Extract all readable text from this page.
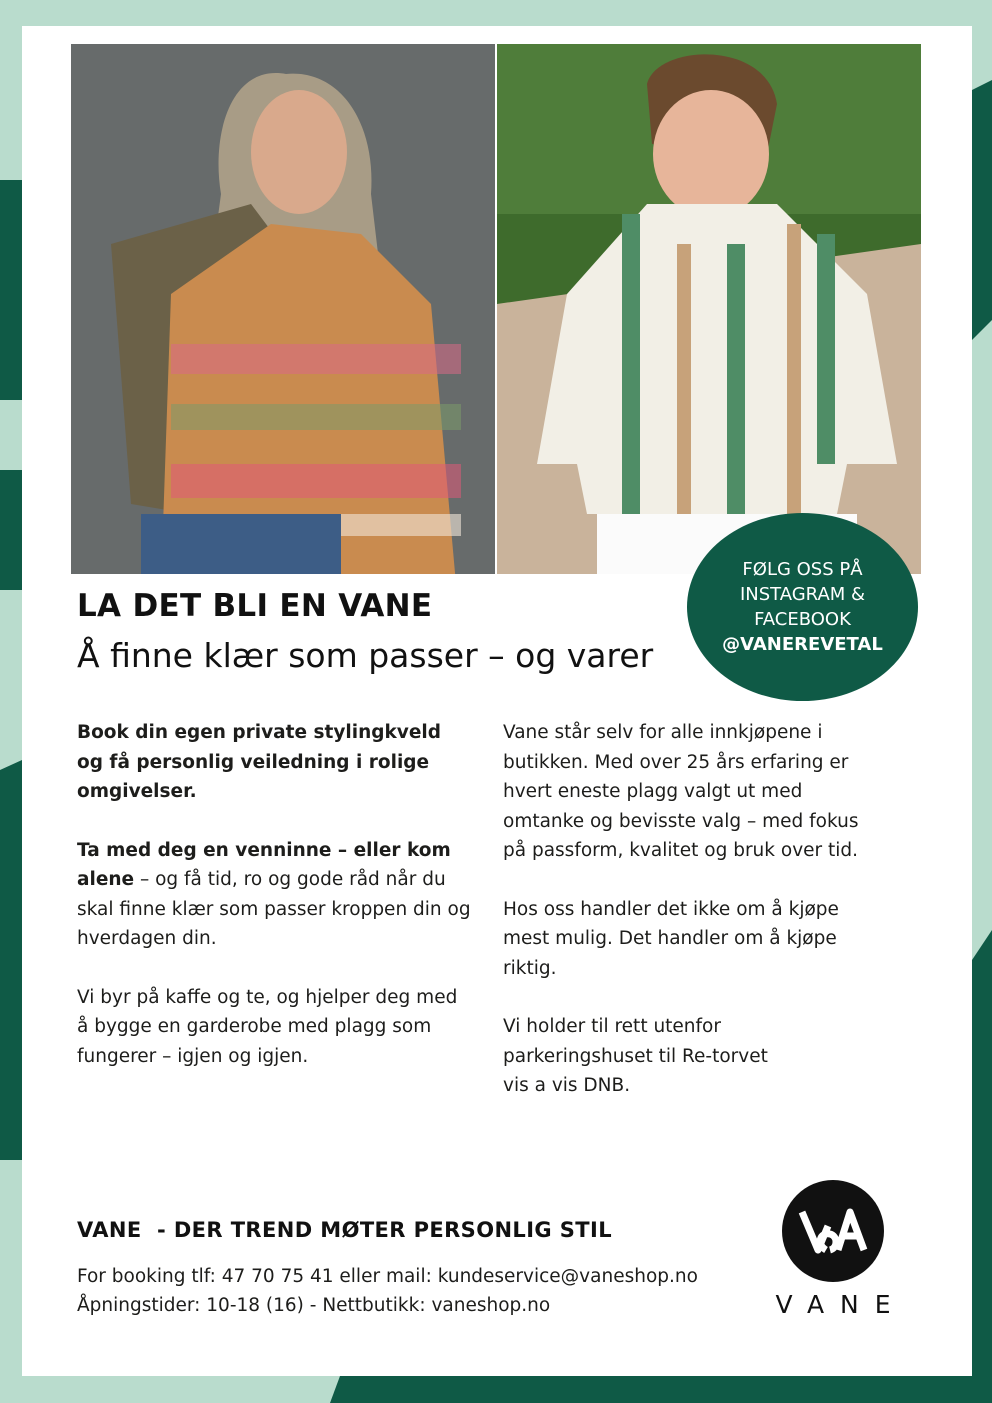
FØLG OSS PÅ
INSTAGRAM &
FACEBOOK
@VANEREVETAL
LA DET BLI EN VANE
Å finne klær som passer – og varer

Book din egen private stylingkveld og få personlig veiledning i rolige omgivelser.

Ta med deg en venninne – eller kom alene – og få tid, ro og gode råd når du skal finne klær som passer kroppen din og hverdagen din.

Vi byr på kaffe og te, og hjelper deg med å bygge en garderobe med plagg som fungerer – igjen og igjen.

Vane står selv for alle innkjøpene i butikken. Med over 25 års erfaring er hvert eneste plagg valgt ut med omtanke og bevisste valg – med fokus på passform, kvalitet og bruk over tid.

Hos oss handler det ikke om å kjøpe mest mulig. Det handler om å kjøpe riktig.

Vi holder til rett utenfor
parkeringshuset til Re-torvet
vis a vis DNB.

VANE  - DER TREND MØTER PERSONLIG STIL
For booking tlf: 47 70 75 41 eller mail: kundeservice@vaneshop.no
Åpningstider: 10-18 (16) - Nettbutikk: vaneshop.no	VANE
